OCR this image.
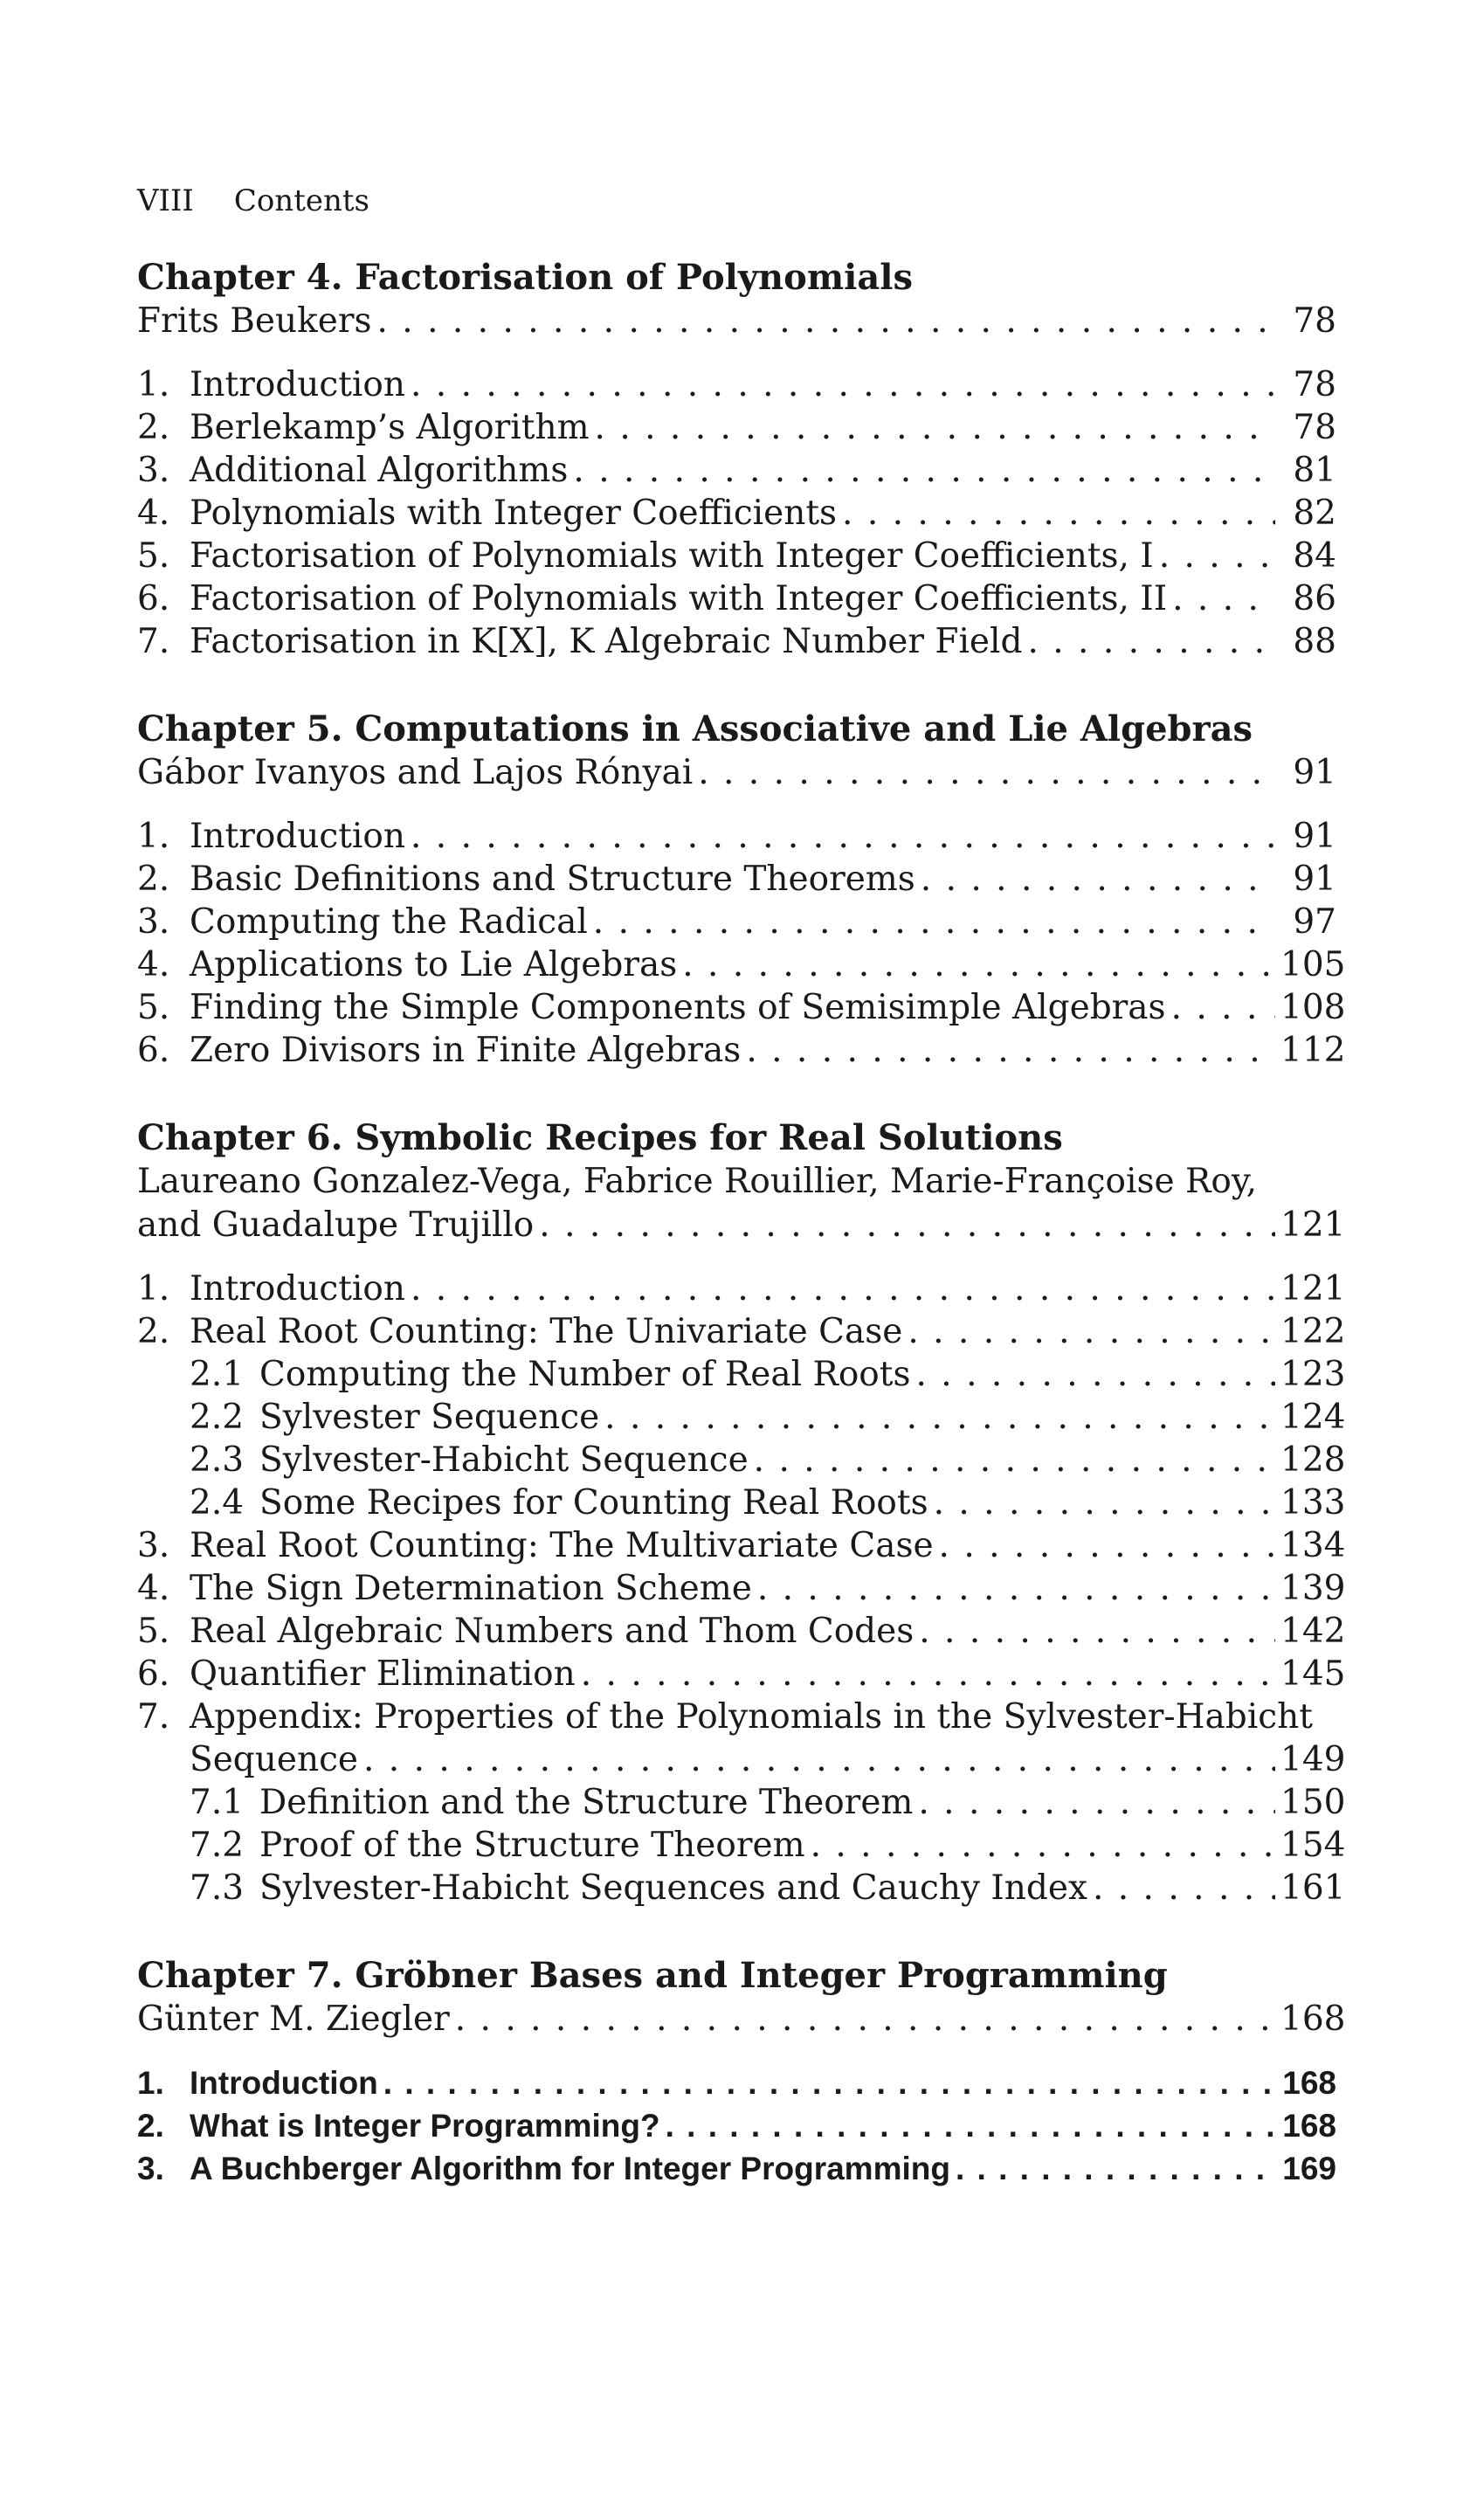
VIII Contents
Chapter 4. Factorisation of Polynomials
Frits Beukers . . .	78
1. Introduction . . .	78
2. Berlekamp’s Algorithm . . .	78
3. Additional Algorithms . . .	81
4. Polynomials with Integer Coefficients . . .	82
5. Factorisation of Polynomials with Integer Coefficients, I . . .	84
6. Factorisation of Polynomials with Integer Coefficients, II . . .	86
7. Factorisation in K[X], K Algebraic Number Field . . .	88
Chapter 5. Computations in Associative and Lie Algebras
Gábor Ivanyos and Lajos Rónyai . . .	91
1. Introduction . . .	91
2. Basic Definitions and Structure Theorems . . .	91
3. Computing the Radical . . .	97
4. Applications to Lie Algebras . . .	105
5. Finding the Simple Components of Semisimple Algebras . . .	108
6. Zero Divisors in Finite Algebras . . .	112
Chapter 6. Symbolic Recipes for Real Solutions
Laureano Gonzalez-Vega, Fabrice Rouillier, Marie-Françoise Roy,
and Guadalupe Trujillo . . .	121
1. Introduction . . .	121
2. Real Root Counting: The Univariate Case . . .	122
2.1 Computing the Number of Real Roots . . .	123
2.2 Sylvester Sequence . . .	124
2.3 Sylvester-Habicht Sequence . . .	128
2.4 Some Recipes for Counting Real Roots . . .	133
3. Real Root Counting: The Multivariate Case . . .	134
4. The Sign Determination Scheme . . .	139
5. Real Algebraic Numbers and Thom Codes . . .	142
6. Quantifier Elimination . . .	145
7. Appendix: Properties of the Polynomials in the Sylvester-Habicht
Sequence . . .	149
7.1 Definition and the Structure Theorem . . .	150
7.2 Proof of the Structure Theorem . . .	154
7.3 Sylvester-Habicht Sequences and Cauchy Index . . .	161
Chapter 7. Gröbner Bases and Integer Programming
Günter M. Ziegler . . .	168
1. Introduction . . .	168
2. What is Integer Programming? . . .	168
3. A Buchberger Algorithm for Integer Programming . . .	169
